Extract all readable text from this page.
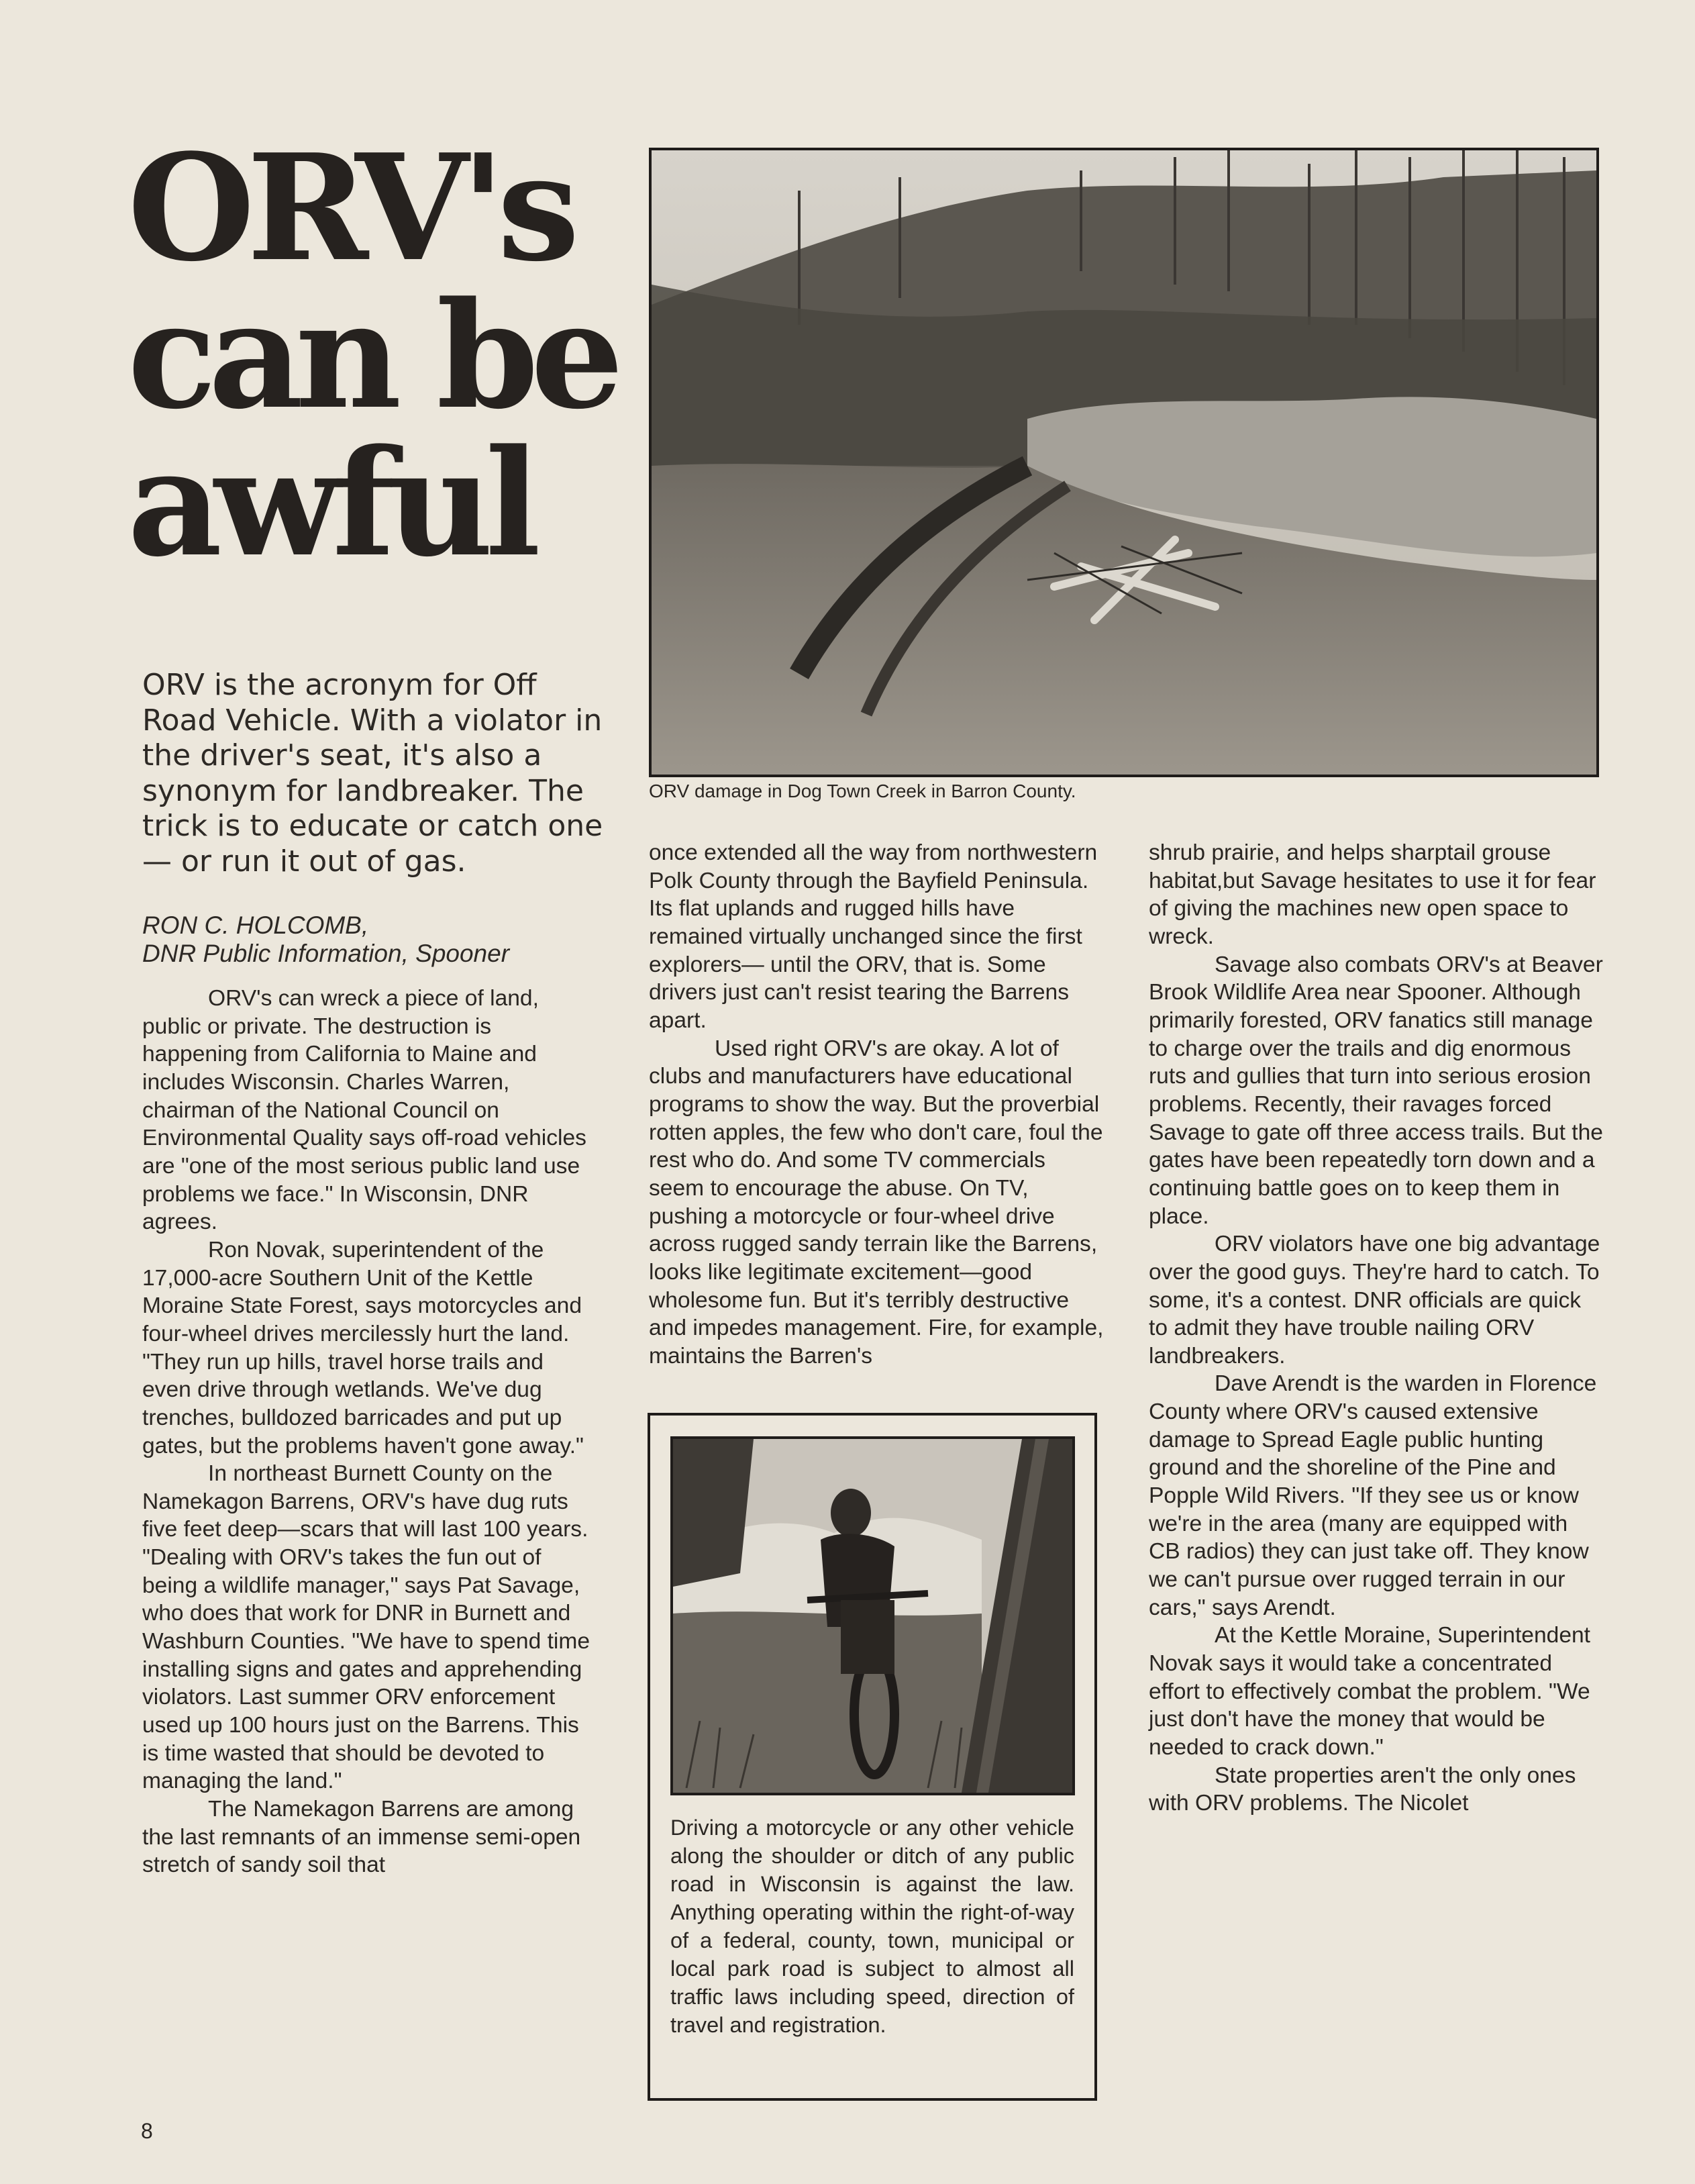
ORV's
can be
awful
ORV damage in Dog Town Creek in Barron County.
ORV is the acronym for Off Road Vehicle. With a violator in the driver's seat, it's also a synonym for landbreaker. The trick is to educate or catch one — or run it out of gas.
RON C. HOLCOMB,
DNR Public Information, Spooner

ORV's can wreck a piece of land, public or private. The destruction is happening from California to Maine and includes Wisconsin. Charles Warren, chairman of the National Council on Environmental Quality says off-road vehicles are "one of the most serious public land use problems we face." In Wisconsin, DNR agrees.

Ron Novak, superintendent of the 17,000-acre Southern Unit of the Kettle Moraine State Forest, says motorcycles and four-wheel drives mercilessly hurt the land. "They run up hills, travel horse trails and even drive through wetlands. We've dug trenches, bulldozed barricades and put up gates, but the problems haven't gone away."

In northeast Burnett County on the Namekagon Barrens, ORV's have dug ruts five feet deep—scars that will last 100 years. "Dealing with ORV's takes the fun out of being a wildlife manager," says Pat Savage, who does that work for DNR in Burnett and Washburn Counties. "We have to spend time installing signs and gates and apprehending violators. Last summer ORV enforcement used up 100 hours just on the Barrens. This is time wasted that should be devoted to managing the land."

The Namekagon Barrens are among the last remnants of an immense semi-open stretch of sandy soil that

once extended all the way from northwestern Polk County through the Bayfield Peninsula. Its flat uplands and rugged hills have remained virtually unchanged since the first explorers— until the ORV, that is. Some drivers just can't resist tearing the Barrens apart.

Used right ORV's are okay. A lot of clubs and manufacturers have educational programs to show the way. But the proverbial rotten apples, the few who don't care, foul the rest who do. And some TV commercials seem to encourage the abuse. On TV, pushing a motorcycle or four-wheel drive across rugged sandy terrain like the Barrens, looks like legitimate excitement—good wholesome fun. But it's terribly destructive and impedes management. Fire, for example, maintains the Barren's

shrub prairie, and helps sharptail grouse habitat,but Savage hesitates to use it for fear of giving the machines new open space to wreck.

Savage also combats ORV's at Beaver Brook Wildlife Area near Spooner. Although primarily forested, ORV fanatics still manage to charge over the trails and dig enormous ruts and gullies that turn into serious erosion problems. Recently, their ravages forced Savage to gate off three access trails. But the gates have been repeatedly torn down and a continuing battle goes on to keep them in place.

ORV violators have one big advantage over the good guys. They're hard to catch. To some, it's a contest. DNR officials are quick to admit they have trouble nailing ORV landbreakers.

Dave Arendt is the warden in Florence County where ORV's caused extensive damage to Spread Eagle public hunting ground and the shoreline of the Pine and Popple Wild Rivers. "If they see us or know we're in the area (many are equipped with CB radios) they can just take off. They know we can't pursue over rugged terrain in our cars," says Arendt.

At the Kettle Moraine, Superintendent Novak says it would take a concentrated effort to effectively combat the problem. "We just don't have the money that would be needed to crack down."

State properties aren't the only ones with ORV problems. The Nicolet

Driving a motorcycle or any other vehicle along the shoulder or ditch of any public road in Wisconsin is against the law. Anything operating within the right-of-way of a federal, county, town, municipal or local park road is subject to almost all traffic laws including speed, direction of travel and registration.
8
